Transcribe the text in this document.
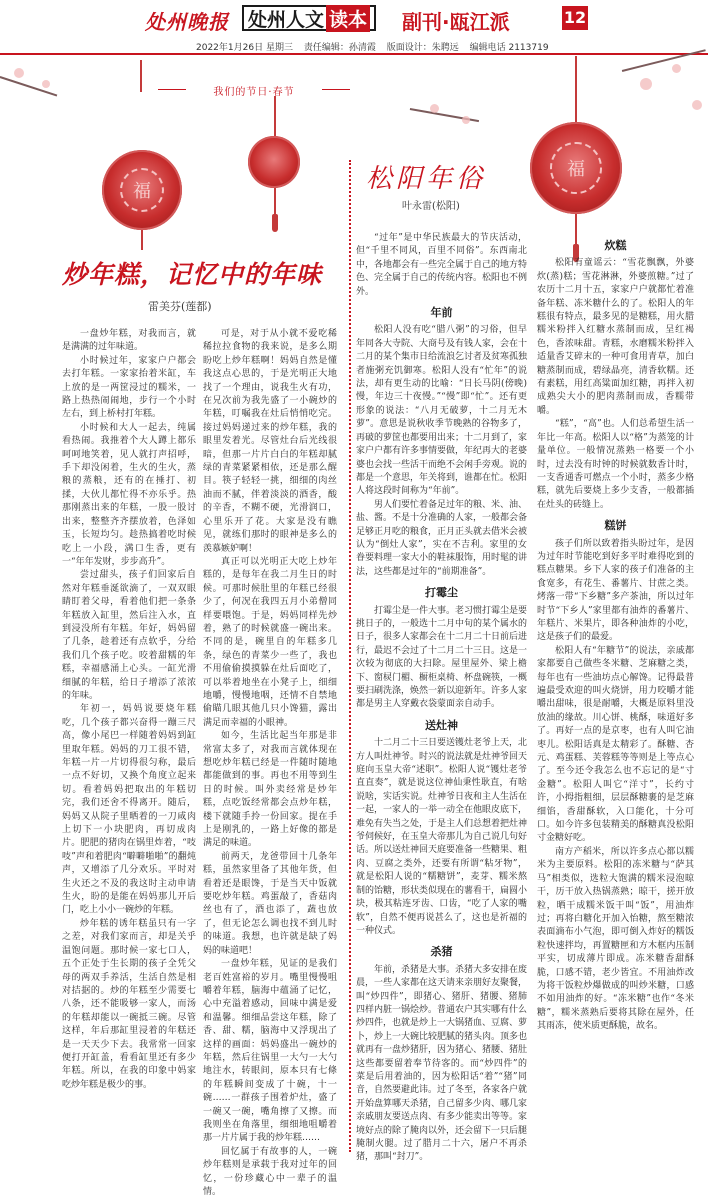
处州晚报 处州人文 读本 副刊·瓯江派	12
2022年1月26日 星期三 责任编辑：孙清霞 版面设计：朱聘远 编辑电话 2113719
福
福
我们的节日·春节
炒年糕，记忆中的年味
雷美芬(莲都)

一盘炒年糕，对我而言，就是满满的过年味道。

小时候过年，家家户户都会去打年糕。一家家抬着米缸，车上放的是一两筐浸过的糯米，一路上热热闹闹地，步行一个小时左右，到上桥村打年糕。

小时候和大人一起去，纯属看热闹。我推着个大人蹲上都乐呵呵地笑着，见人就打声招呼，手下却没闲着，生火的生火，蒸粮的蒸粮，还有的在捶打、初揉，大伙儿都忙得不亦乐乎。热那刚蒸出来的年糕，一股一股讨出来，整整齐齐摆放着，色泽如玉，长短均匀。趁热搞着吃时候吃上一小段，满口生香，更有一“年年发财，步步高升”。

尝过甜头，孩子们回家后自然对年糕垂涎欲滴了，一双双眼睛盯着父母，看着他们把一条条年糕放入缸里，然后注入水，直到浸没所有年糕。年好，妈妈留了几条，趁着还有点软乎，分给我们几个孩子吃。咬着甜糯的年糕，幸福感涌上心头。一缸光滑细腻的年糕，给日子增添了浓浓的年味。

年初一，妈妈说要烧年糕吃，几个孩子都兴奋得一蹦三尺高，像小尾巴一样随着妈妈到缸里取年糕。妈妈的刀工很不错，年糕一片一片切得很匀称，最后一点不好切，又换个角度立起来切。看着妈妈把取出的年糕切完，我们还舍不得离开。随后，妈妈又从院子里晒着的一刀咸肉上切下一小块肥肉，再切成肉片。肥肥的猪肉在锅里炸着，“吱吱”声和着肥肉“噼噼啪啪”的翻炖声，又增添了几分欢乐。平时对生火还之不及的我这时主动申请生火，盼的是能在妈妈那儿开后门，吃上小小一碗炒的年糕。

炒年糕的诱年糕虽只有一字之差，对我们家而言，却是关乎温饱问题。那时候一家七口人，五个正处于生长期的孩子全凭父母的两双手养活，生活自然是相对拮据的。炒的年糕至少需要七八条，还不能吸够一家人，而汤的年糕却能以一碗抵三碗。尽管这样，年后那缸里浸着的年糕还是一天天少下去。我常常一回家便打开缸盖，看看缸里还有多少年糕。所以，在我的印象中妈家吃炒年糕是极少的事。

可是，对于从小就不爱吃稀稀拉拉食物的我来说，是多么期盼吃上炒年糕啊！妈妈自然是懂我这点心思的，于是光明正大地找了一个理由，说我生火有功，在兄次前为我先盛了一小碗炒的年糕，叮嘱我在灶后悄悄吃完。接过妈妈递过来的炒年糕，我的眼里发着光。尽管灶台后光线很暗，但那一片片白白的年糕却腻绿的青菜紧紧相依，还是那么醒目。筷子轻轻一挑，细细的肉丝油而不腻，伴着淡淡的酒香，酸的辛香，不糊不硬，光滑润口，心里乐开了花。大家是没有瞧见，就练们那时的眼神是多么的羡慕嫉妒啊！

真正可以光明正大吃上炒年糕的，是每年在我二月生日的时候。可那时候肚里的年糕已经很少了，何况在我四五月小弟僧同样要喂饱。于是，妈妈同样先炒着，熟了的时候就盛一碗出来。不同的是，碗里自的年糕多几条，绿色的青菜少一些了，我也不用偷偷摸摸躲在灶后面吃了，可以举着地坐在小凳子上，细细地嚼，慢慢地咽，还情不自禁地偷瞄几眼其他几只小馋猫，露出满足而幸福的小眼神。

如今，生活比起当年那是非常富太多了，对我而言就体现在想吃炒年糕已经是一件随时随地都能做到的事。再也不用等到生日的时候。叫外卖经常是炒年糕，点吃饭经常都会点炒年糕，楼下就随手拎一份回家。提在手上是刚乳的，一路上好像的都是满足的味道。

前两天，龙爸带回十几条年糕，虽然家里备了其他年货，但看着还是眼馋，于是当天中饭就要吃炒年糕。鸡蛋敲了，香菇肉丝也有了，酒也添了，蔬也放了，但无论怎么调也找不到儿时的味道。我想，也许就是缺了妈妈的味道吧！

一盘炒年糕，见证的是我们老百姓富裕的岁月。嘴里慢慢咀嚼着年糕，脑海中蕴涌了记忆，心中充溢着感动，回味中满是爱和温馨。细细品尝这年糕，除了香、甜、糯，脑海中又浮现出了这样的画面：妈妈盛出一碗炒的年糕，然后往锅里一大勺一大勺地注水，转眼间，原本只有七條的年糕瞬间变成了十碗，十一碗……一群孩子围着炉灶，盛了一碗又一碗，嘴角擦了又擦。而我则坐在角落里，细细地咀嚼着那一片片属于我的炒年糕……

回忆属于有故事的人，一碗炒年糕则是承载于我对过年的回忆，一份珍藏心中一辈子的温情。

松阳年俗
叶永雷(松阳)

“过年”是中华民族最大的节庆活动，但“千里不同风，百里不同俗”。东西南北中，各地都会有一些完全属于自己的地方特色、完全属于自己的传统内容。松阳也不例外。

年前

松阳人没有吃“腊八粥”的习俗，但早年同各大寺院、大商号及有钱人家，会在十二月的某个集市日给流浪乞讨者及贫寒孤独者施粥充饥御寒。松阳人没有“忙年”的说法，却有更生动的比喻：“日长马阴(傍晚)慢，年边三十夜慢。”“慢”即“忙”。还有更形象的说法：“八月无破萝，十二月无木萝”。意思是说秋收季节晚熟的谷物多了，再破的萝筐也都要用出来；十二月到了，家家户户都有许多事情要做，年纪再大的老婆婆也会找一些活干而绝不会闲手旁观。说的都是一个意思，年关将到，谁都在忙。松阳人将这段时间称为“年前”。

男人们要忙着备足过年的粮、米、油、盐、酱。不是十分准确的人家，一般都会备足够正月吃的粮食，正月正头就去借米会被认为“倒灶人家”，实在不吉利。家里的女眷要料理一家大小的鞋袜服饰，用时髦的讲法，这些都是过年的“前期准备”。

打霉尘

打霉尘是一件大事。老习惯打霉尘是要挑日子的，一般选十二月中旬的某个属水的日子，很多人家都会在十二月二十日前后进行，最迟不会过了十二月二十三日。这是一次较为彻底的大扫除。屋里屋外、梁上檐下、窗棂门楣、橱柜桌椅、杯盘碗筷，一概要扫刷洗涤，焕然一新以迎新年。许多人家都是男主人穿戴衣袋蒙面亲自动手。

送灶神

十二月二十三日要送镬灶老爷上天，北方人叫灶神爷。时兴的说法就是灶神爷回天庭向玉皇大帝“述职”。松阳人说“镬灶老爷直直奏”，就是说这位神仙秉性耿直，有啥说啥，实话实说。灶神爷日夜和主人生活在一起，一家人的一举一动全在他眼皮底下，难免有失当之处，于是主人们总想着把灶神爷伺候好，在玉皇大帝那儿为自己说几句好话。所以送灶神回天庭要准备一些糖果、粗肉、豆腐之类外，还要有所谓“粘牙物”，就是松阳人说的“糯糖饼”，麦芽、糯米熬制的饴糖，形状类似现在的薯看干，扁圆小块，极其粘连牙齿、口齿，“吃了人家的嘴软”，自然不便再说甚么了，这也是祈福的一种仪式。

杀猪

年前，杀猪是大事。杀猪大多安排在废晨，一些人家都在这天请来亲朋好友聚餐，叫“炒四件”，即猪心、猪肝、猪腰、猪肺四样内脏一锅烩炒。普通农户其实哪有什么炒四件，也就是炒上一大锅猪血、豆腐、萝卜，炒上一大碗比较肥腻的猪头肉。顶多也就再有一盘炒猪肝，因为猪心、猪腰、猪肚这些都要留着奉节待客的。而“炒四件”的菜是后用着油的，因为松阳话“着”“猪”同音，自然要避此讳。过了冬至，各家各户就开始盘算哪天杀猪，自己留多少肉、哪几家亲戚朋友要送点肉、有多少能卖出等等。家境好点的除了腌肉以外，还会留下一只后腿腌制火腿。过了腊月二十六，屠户不再杀猪，那叫“封刀”。

炊糕

松阳有童谣云：“雪花飘飘，外婆炊(蒸)糕；雪花淋淋，外婆煎糖。”过了农历十二月十五，家家户户就都忙着准备年糕、冻米糖什么的了。松阳人的年糕很有特点，最多见的是糖糕，用火腊糯米粉拌入红糖水蒸制而成，呈红褐色，香浓味甜。青糕，水磨糯米粉拌入适量香艾碎末的一种可食用青草，加白糖蒸制而成，碧绿晶亮，清香软糯。还有素糕，用红高粱面加红糖，再拌入初成熟尖大小的肥肉蒸制而成，香糯带嚼。

“糕”，“高”也。人们总希望生活一年比一年高。松阳人以“格”为蒸笼的计量单位。一般情况蒸熟一格要一个小时，过去没有时钟的时候就数香计时，一支香通香可燃点一个小时，蒸多少格糕，就先后要烧上多少支香，一般都插在灶头的砖缝上。

糕饼

孩子们所以致着指头盼过年，是因为过年时节能吃到好多平时难得吃到的糕点糖果。乡下人家的孩子们准备的主食宽多，有花生、番薯片、甘蔗之类。烤落一带“下乡糖”多产茶油，所以过年时节“下乡人”家里都有油炸的番薯片、年糕片、米果片，即各种油炸的小吃，这是孩子们的最爱。

松阳人有“年糖节”的说法，亲戚都家都要自己做些冬米糖、芝麻糖之类，每年也有一些油坊点心解馋。记得最普遍最受欢迎的叫火烧饼，用力咬嚼才能嚼出甜味，很是耐嚼，大概是原料里没放油的缘故。川心饼、桃酥，味道好多了。再好一点的是京枣，也有人叫它油枣儿。松阳话真是太精彩了。酥糖、杏元、鸡蛋糕、芙蓉糕等等则是上等点心了。至今还令我怎么也不忘记的是“寸金糖”。松阳人叫它“洋寸”，长约寸许，小拇指粗细，层层酥糖裹的是芝麻细馅，香甜酥软，入口能化，十分可口。如今许多包装精美的酥糖真没松阳寸金糖好吃。

南方产稻米，所以许多点心都以糯米为主要原料。松阳的冻米糖与“萨其马”相类似，选粒大饱满的糯米浸泡晾干，历干放入热锅蒸熟；晾干，搓开放粒，晒干成糯米饭干叫“饭”，用油炸过；再将白糖化开加入怡糖，熬至糖浓表面滴布小气泡，即可倒入炸好的糯饭粒快速拌均，再置糖匣和方木框内压制平实，切成薄片即成。冻米糖香甜酥脆，口感不错，老少皆宜。不用油炸改为将干饭粒炒爆做成的叫炒米糖，口感不如用油炸的好。“冻米糖”也作“冬米糖”，糯米蒸熟后要将其除在屋外，任其雨冻，使米质更酥脆，故名。
